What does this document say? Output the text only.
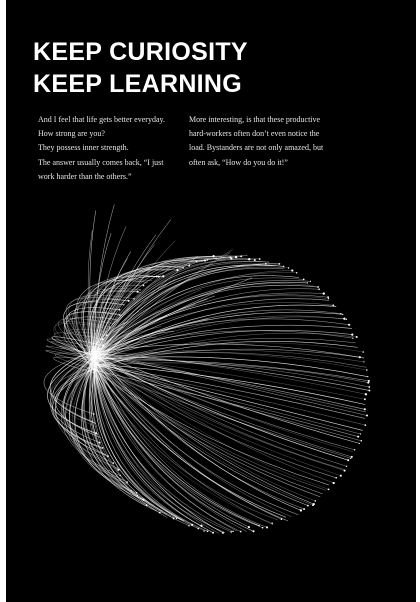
KEEP CURIOSITY
KEEP LEARNING
And I feel that life gets better everyday.
How strong are you?
They possess inner strength.
The answer usually comes back, “I just
work harder than the others.”
More interesting, is that these productive
hard-workers often don’t even notice the
load. Bystanders are not only amazed, but
often ask, “How do you do it!”
